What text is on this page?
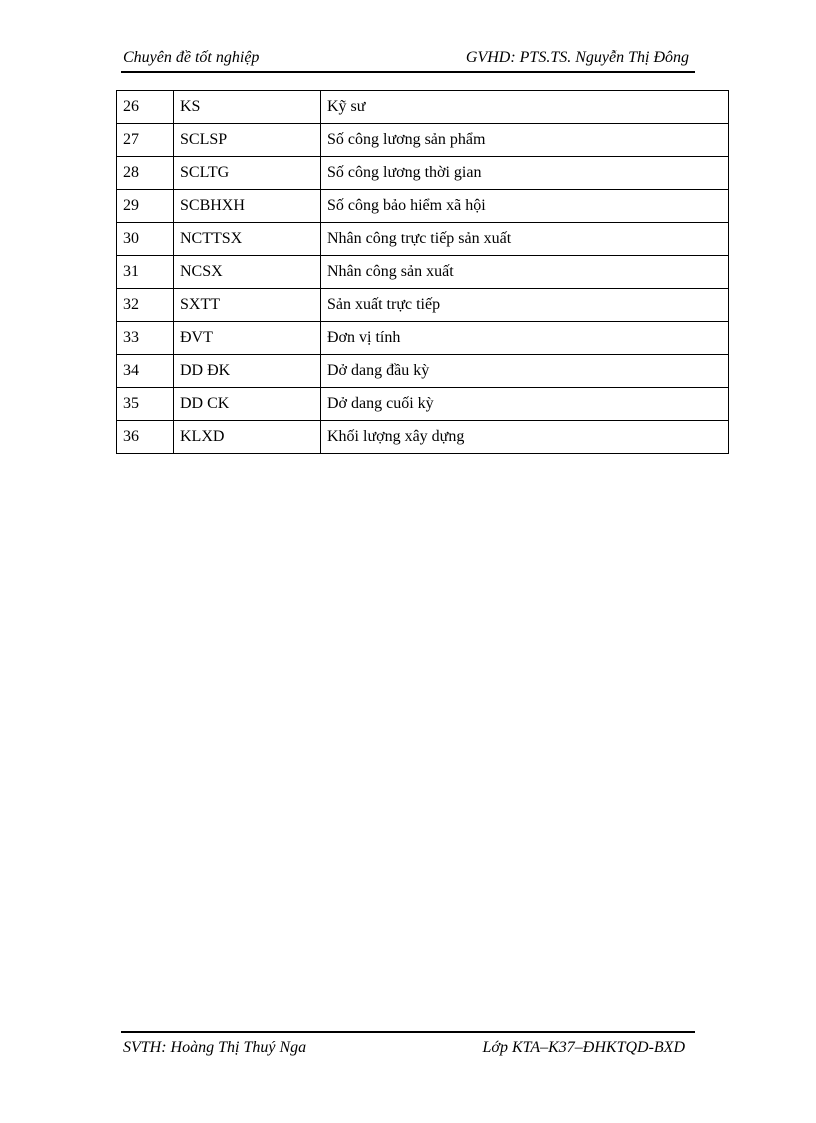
Chuyên đề tốt nghiệp	GVHD: PTS.TS. Nguyễn Thị Đông
26	KS	Kỹ sư
27	SCLSP	Số công lương sản phẩm
28	SCLTG	Số công lương thời gian
29	SCBHXH	Số công bảo hiểm xã hội
30	NCTTSX	Nhân công trực tiếp sản xuất
31	NCSX	Nhân công sản xuất
32	SXTT	Sản xuất trực tiếp
33	ĐVT	Đơn vị tính
34	DD ĐK	Dở dang đầu kỳ
35	DD CK	Dở dang cuối kỳ
36	KLXD	Khối lượng xây dựng
SVTH: Hoàng Thị Thuý Nga	Lớp KTA–K37–ĐHKTQD-BXD
